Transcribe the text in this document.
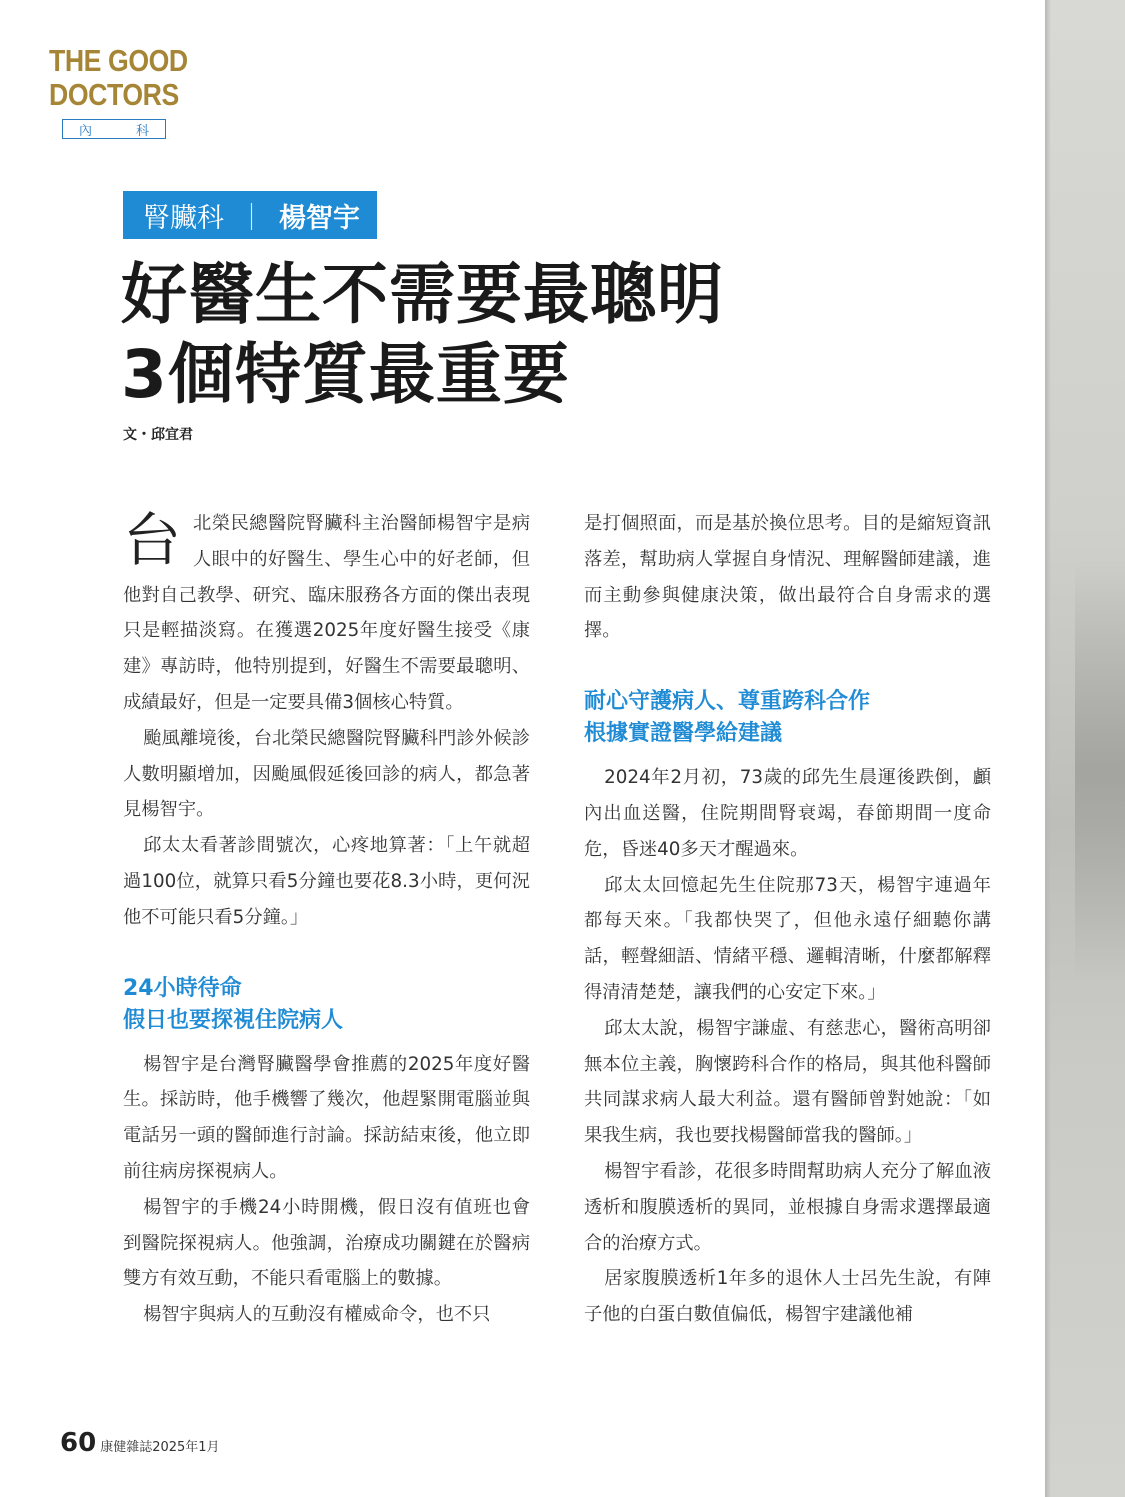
THE GOOD
DOCTORS
內	科
腎臟科 ｜ 楊智宇
好醫生不需要最聰明
3個特質最重要
文・邱宜君

台北榮民總醫院腎臟科主治醫師楊智宇是病人眼中的好醫生、學生心中的好老師，但他對自己教學、研究、臨床服務各方面的傑出表現只是輕描淡寫。在獲選2025年度好醫生接受《康建》專訪時，他特別提到，好醫生不需要最聰明、成績最好，但是一定要具備3個核心特質。

颱風離境後，台北榮民總醫院腎臟科門診外候診人數明顯增加，因颱風假延後回診的病人，都急著見楊智宇。

邱太太看著診間號次，心疼地算著：「上午就超過100位，就算只看5分鐘也要花8.3小時，更何況他不可能只看5分鐘。」

24小時待命
假日也要探視住院病人

楊智宇是台灣腎臟醫學會推薦的2025年度好醫生。採訪時，他手機響了幾次，他趕緊開電腦並與電話另一頭的醫師進行討論。採訪結束後，他立即前往病房探視病人。

楊智宇的手機24小時開機，假日沒有值班也會到醫院探視病人。他強調，治療成功關鍵在於醫病雙方有效互動，不能只看電腦上的數據。

楊智宇與病人的互動沒有權威命令，也不只

是打個照面，而是基於換位思考。目的是縮短資訊落差，幫助病人掌握自身情況、理解醫師建議，進而主動參與健康決策，做出最符合自身需求的選擇。

耐心守護病人、尊重跨科合作
根據實證醫學給建議

2024年2月初，73歲的邱先生晨運後跌倒，顱內出血送醫，住院期間腎衰竭，春節期間一度命危，昏迷40多天才醒過來。

邱太太回憶起先生住院那73天，楊智宇連過年都每天來。「我都快哭了，但他永遠仔細聽你講話，輕聲細語、情緒平穩、邏輯清晰，什麼都解釋得清清楚楚，讓我們的心安定下來。」

邱太太說，楊智宇謙虛、有慈悲心，醫術高明卻無本位主義，胸懷跨科合作的格局，與其他科醫師共同謀求病人最大利益。還有醫師曾對她說：「如果我生病，我也要找楊醫師當我的醫師。」

楊智宇看診，花很多時間幫助病人充分了解血液透析和腹膜透析的異同，並根據自身需求選擇最適合的治療方式。

居家腹膜透析1年多的退休人士呂先生說，有陣子他的白蛋白數值偏低，楊智宇建議他補

60 康健雜誌2025年1月
